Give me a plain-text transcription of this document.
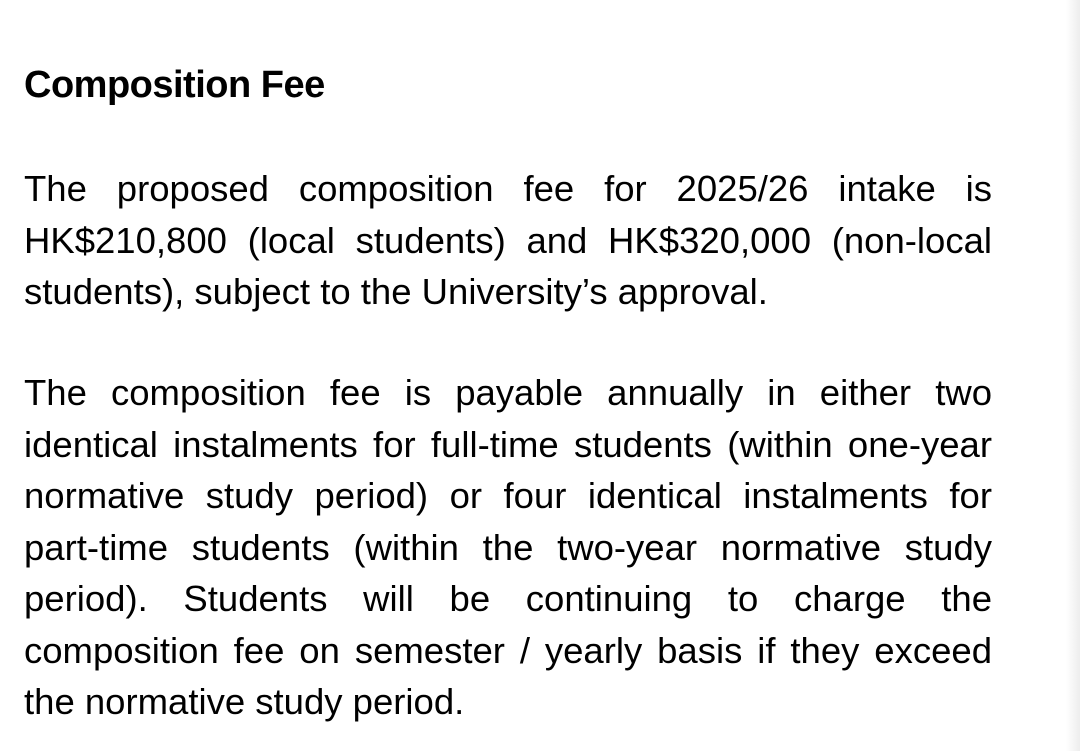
Composition Fee

The proposed composition fee for 2025/26 intake is
HK$210,800 (local students) and HK$320,000 (non-local
students), subject to the University’s approval.

The composition fee is payable annually in either two
identical instalments for full-time students (within one-year
normative study period) or four identical instalments for
part-time students (within the two-year normative study
period). Students will be continuing to charge the
composition fee on semester / yearly basis if they exceed
the normative study period.
